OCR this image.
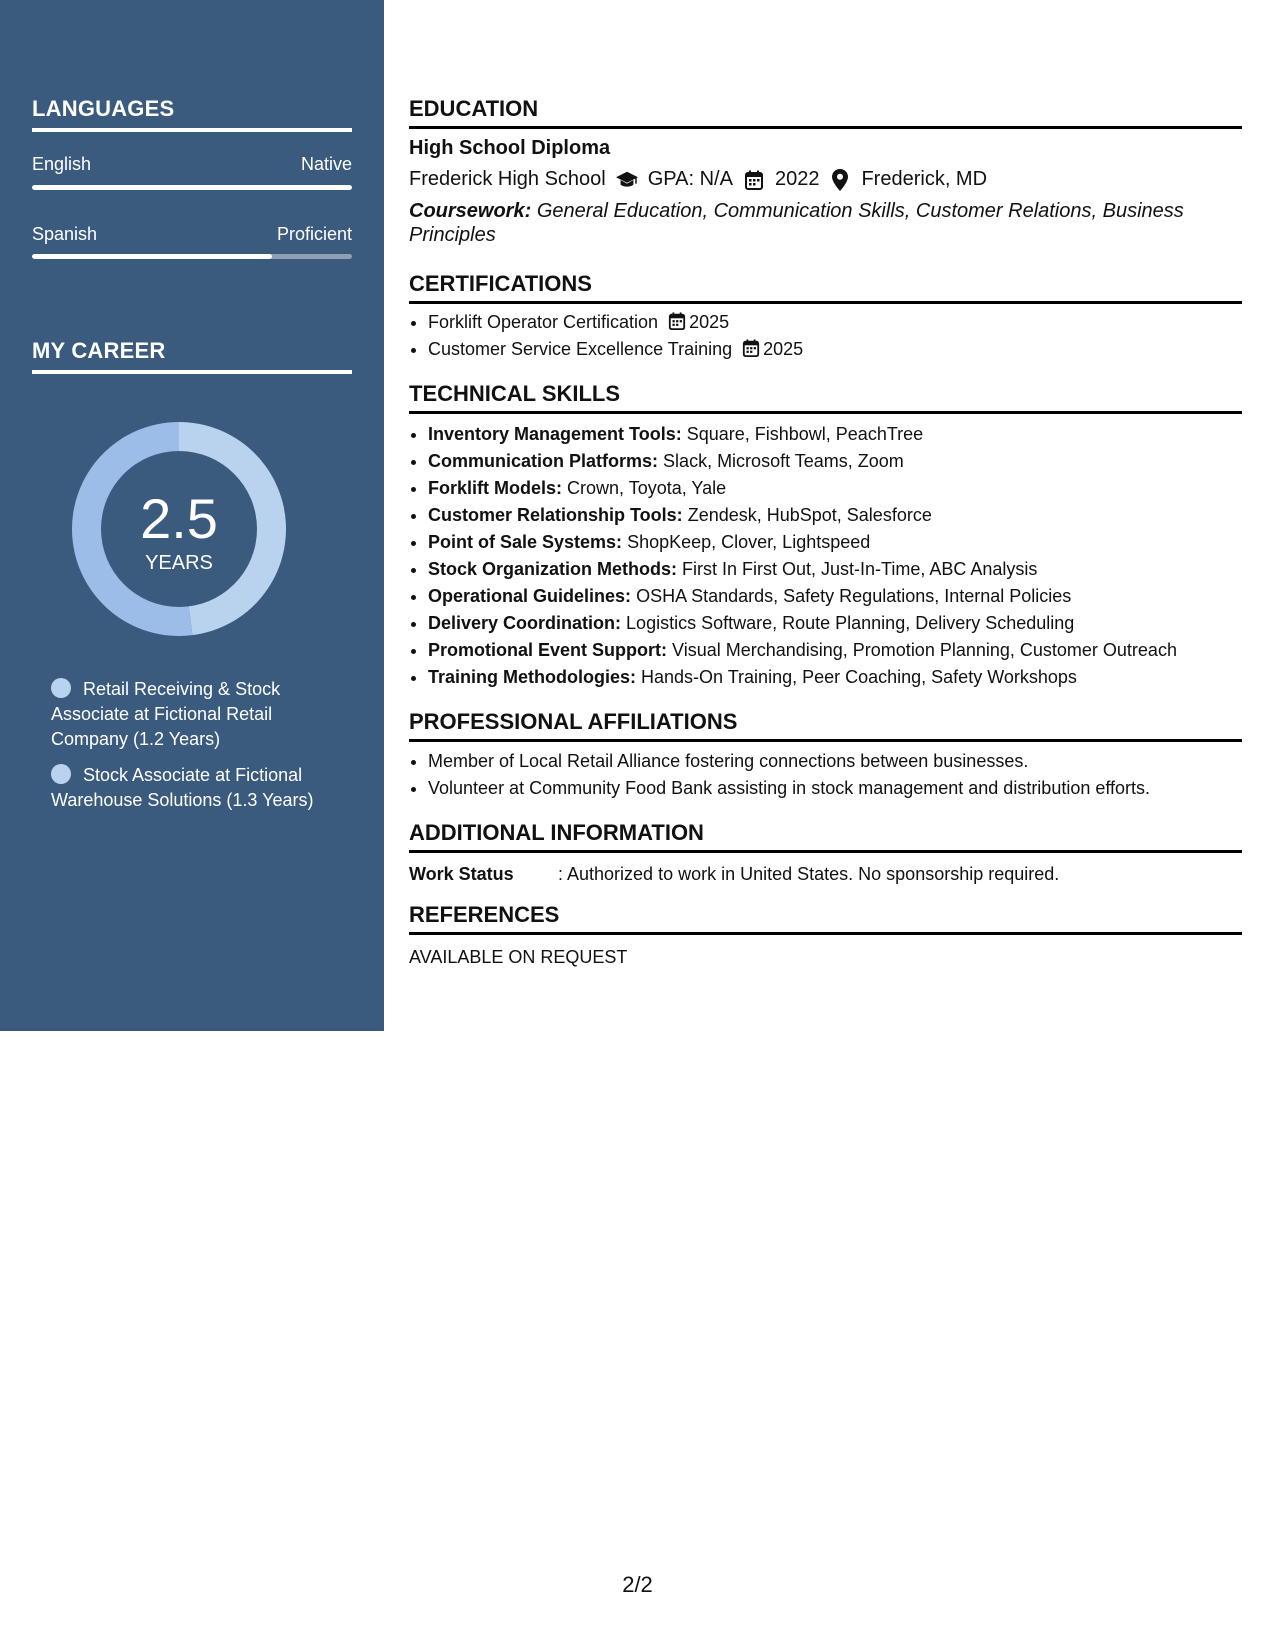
LANGUAGES
English	Native
Spanish	Proficient
MY CAREER
2.5
YEARS
Retail Receiving & Stock Associate at Fictional Retail Company (1.2 Years)
Stock Associate at Fictional Warehouse Solutions (1.3 Years)
EDUCATION
High School Diploma
Frederick High School GPA: N/A 2022 Frederick, MD
Coursework: General Education, Communication Skills, Customer Relations, Business Principles
CERTIFICATIONS
• Forklift Operator Certification 2025
• Customer Service Excellence Training 2025
TECHNICAL SKILLS
• Inventory Management Tools: Square, Fishbowl, PeachTree
• Communication Platforms: Slack, Microsoft Teams, Zoom
• Forklift Models: Crown, Toyota, Yale
• Customer Relationship Tools: Zendesk, HubSpot, Salesforce
• Point of Sale Systems: ShopKeep, Clover, Lightspeed
• Stock Organization Methods: First In First Out, Just-In-Time, ABC Analysis
• Operational Guidelines: OSHA Standards, Safety Regulations, Internal Policies
• Delivery Coordination: Logistics Software, Route Planning, Delivery Scheduling
• Promotional Event Support: Visual Merchandising, Promotion Planning, Customer Outreach
• Training Methodologies: Hands-On Training, Peer Coaching, Safety Workshops
PROFESSIONAL AFFILIATIONS
• Member of Local Retail Alliance fostering connections between businesses.
• Volunteer at Community Food Bank assisting in stock management and distribution efforts.
ADDITIONAL INFORMATION
Work Status : Authorized to work in United States. No sponsorship required.
REFERENCES
AVAILABLE ON REQUEST
2/2
